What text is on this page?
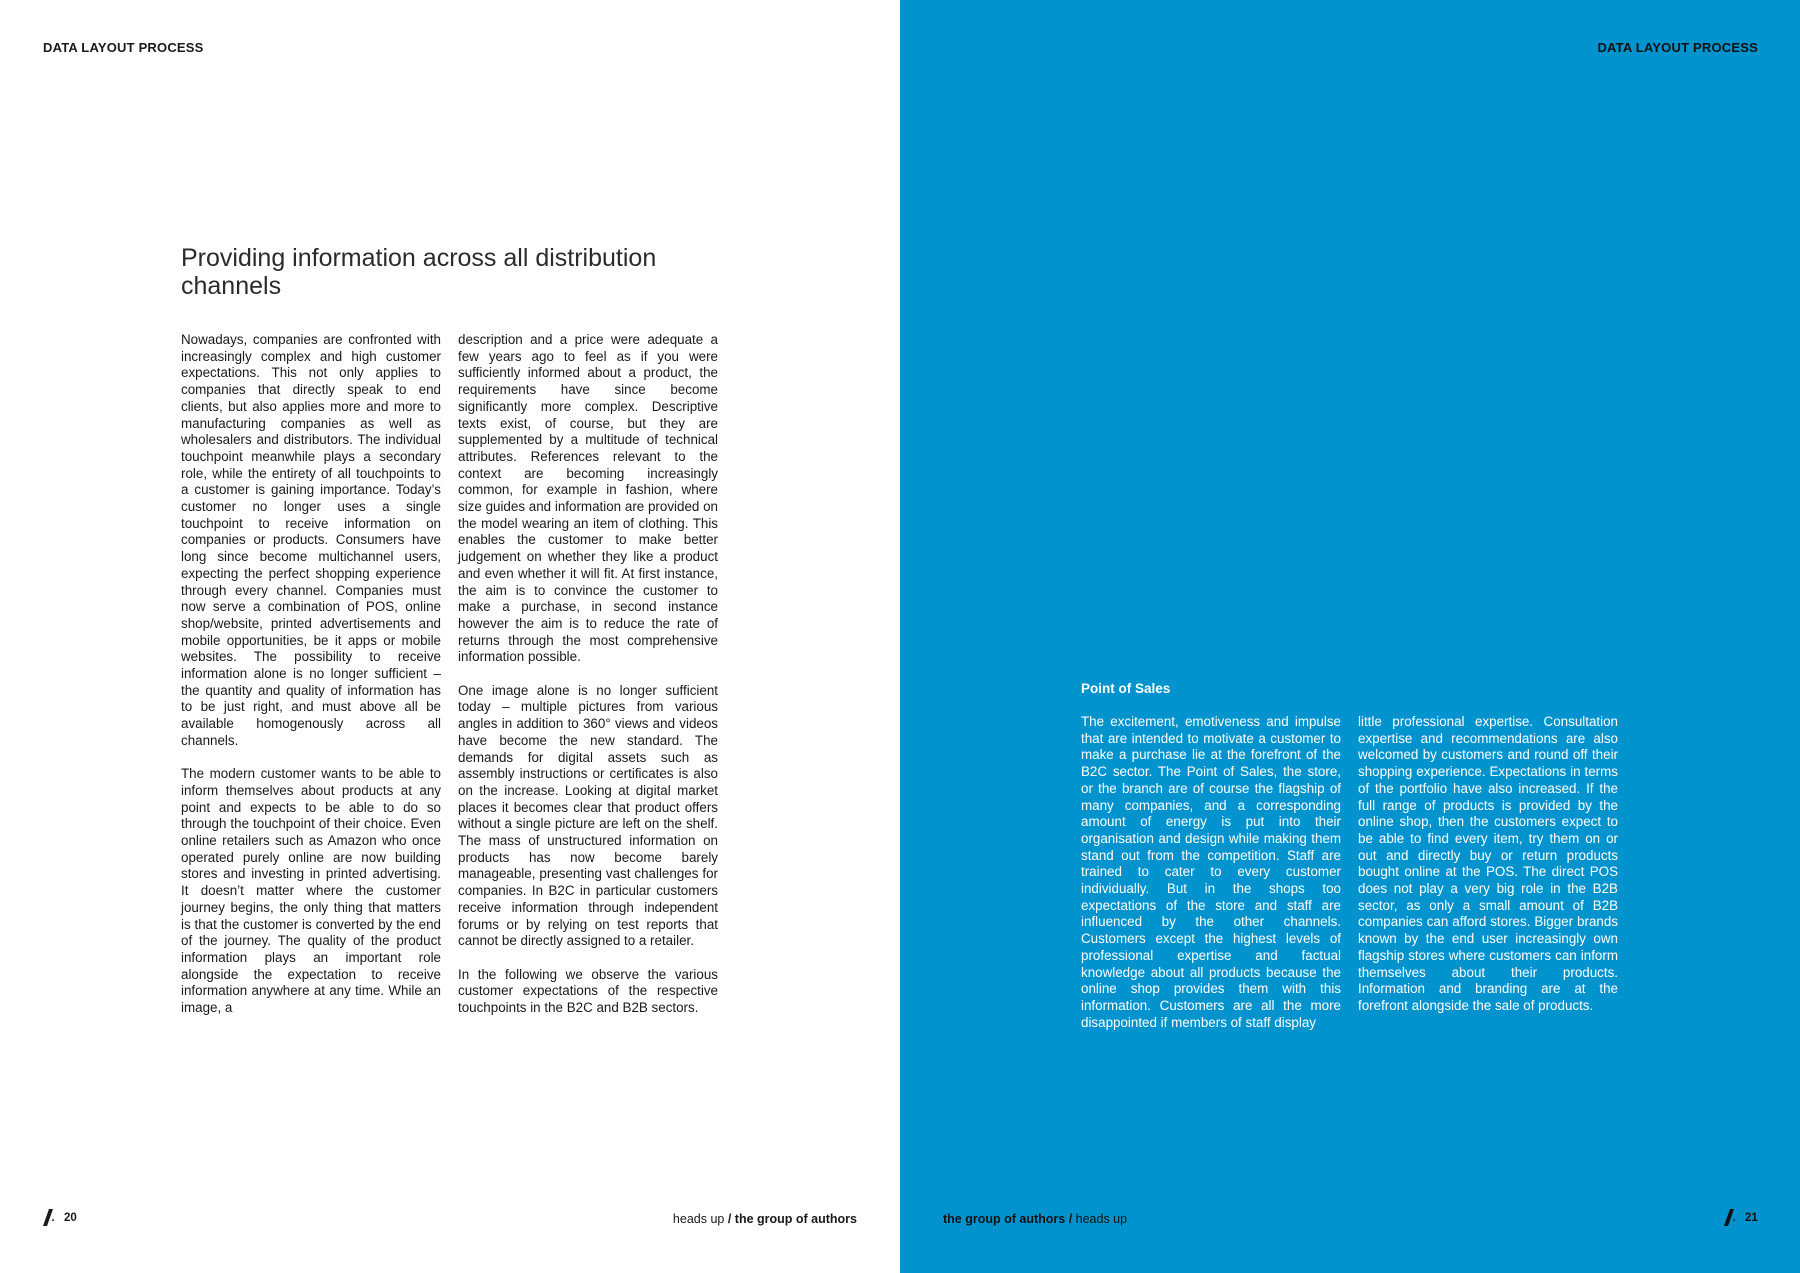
DATA LAYOUT PROCESS
Providing information across all distribution channels

Nowadays, companies are confronted with increasingly complex and high customer expectations. This not only applies to companies that directly speak to end clients, but also applies more and more to manufacturing companies as well as wholesalers and distributors. The individual touchpoint meanwhile plays a secondary role, while the entirety of all touchpoints to a customer is gaining importance. Today’s customer no longer uses a single touchpoint to receive information on companies or products. Consumers have long since become multichannel users, expecting the perfect shopping experience through every channel. Companies must now serve a combination of POS, online shop/website, printed advertisements and mobile opportunities, be it apps or mobile websites. The possibility to receive information alone is no longer sufficient – the quantity and quality of information has to be just right, and must above all be available homogenously across all channels.

The modern customer wants to be able to inform themselves about products at any point and expects to be able to do so through the touchpoint of their choice. Even online retailers such as Amazon who once operated purely online are now building stores and investing in printed advertising. It doesn’t matter where the customer journey begins, the only thing that matters is that the customer is converted by the end of the journey. The quality of the product information plays an important role alongside the expectation to receive information anywhere at any time. While an image, a

description and a price were adequate a few years ago to feel as if you were sufficiently informed about a product, the requirements have since become significantly more complex. Descriptive texts exist, of course, but they are supplemented by a multitude of technical attributes. References relevant to the context are becoming increasingly common, for example in fashion, where size guides and information are provided on the model wearing an item of clothing. This enables the customer to make better judgement on whether they like a product and even whether it will fit. At first instance, the aim is to convince the customer to make a purchase, in second instance however the aim is to reduce the rate of returns through the most comprehensive information possible.

One image alone is no longer sufficient today – multiple pictures from various angles in addition to 360° views and videos have become the new standard. The demands for digital assets such as assembly instructions or certificates is also on the increase. Looking at digital market places it becomes clear that product offers without a single picture are left on the shelf. The mass of unstructured information on products has now become barely manageable, presenting vast challenges for companies. In B2C in particular customers receive information through independent forums or by relying on test reports that cannot be directly assigned to a retailer.

In the following we observe the various customer expectations of the respective touchpoints in the B2C and B2B sectors.

20	heads up / the group of authors
DATA LAYOUT PROCESS
Point of Sales

The excitement, emotiveness and impulse that are intended to motivate a customer to make a purchase lie at the forefront of the B2C sector. The Point of Sales, the store, or the branch are of course the flagship of many companies, and a corresponding amount of energy is put into their organisation and design while making them stand out from the competition. Staff are trained to cater to every customer individually. But in the shops too expectations of the store and staff are influenced by the other channels. Customers except the highest levels of professional expertise and factual knowledge about all products because the online shop provides them with this information. Customers are all the more disappointed if members of staff display

little professional expertise. Consultation expertise and recommendations are also welcomed by customers and round off their shopping experience. Expectations in terms of the portfolio have also increased. If the full range of products is provided by the online shop, then the customers expect to be able to find every item, try them on or out and directly buy or return products bought online at the POS. The direct POS does not play a very big role in the B2B sector, as only a small amount of B2B companies can afford stores. Bigger brands known by the end user increasingly own flagship stores where customers can inform themselves about their products. Information and branding are at the forefront alongside the sale of products.

the group of authors / heads up	21
